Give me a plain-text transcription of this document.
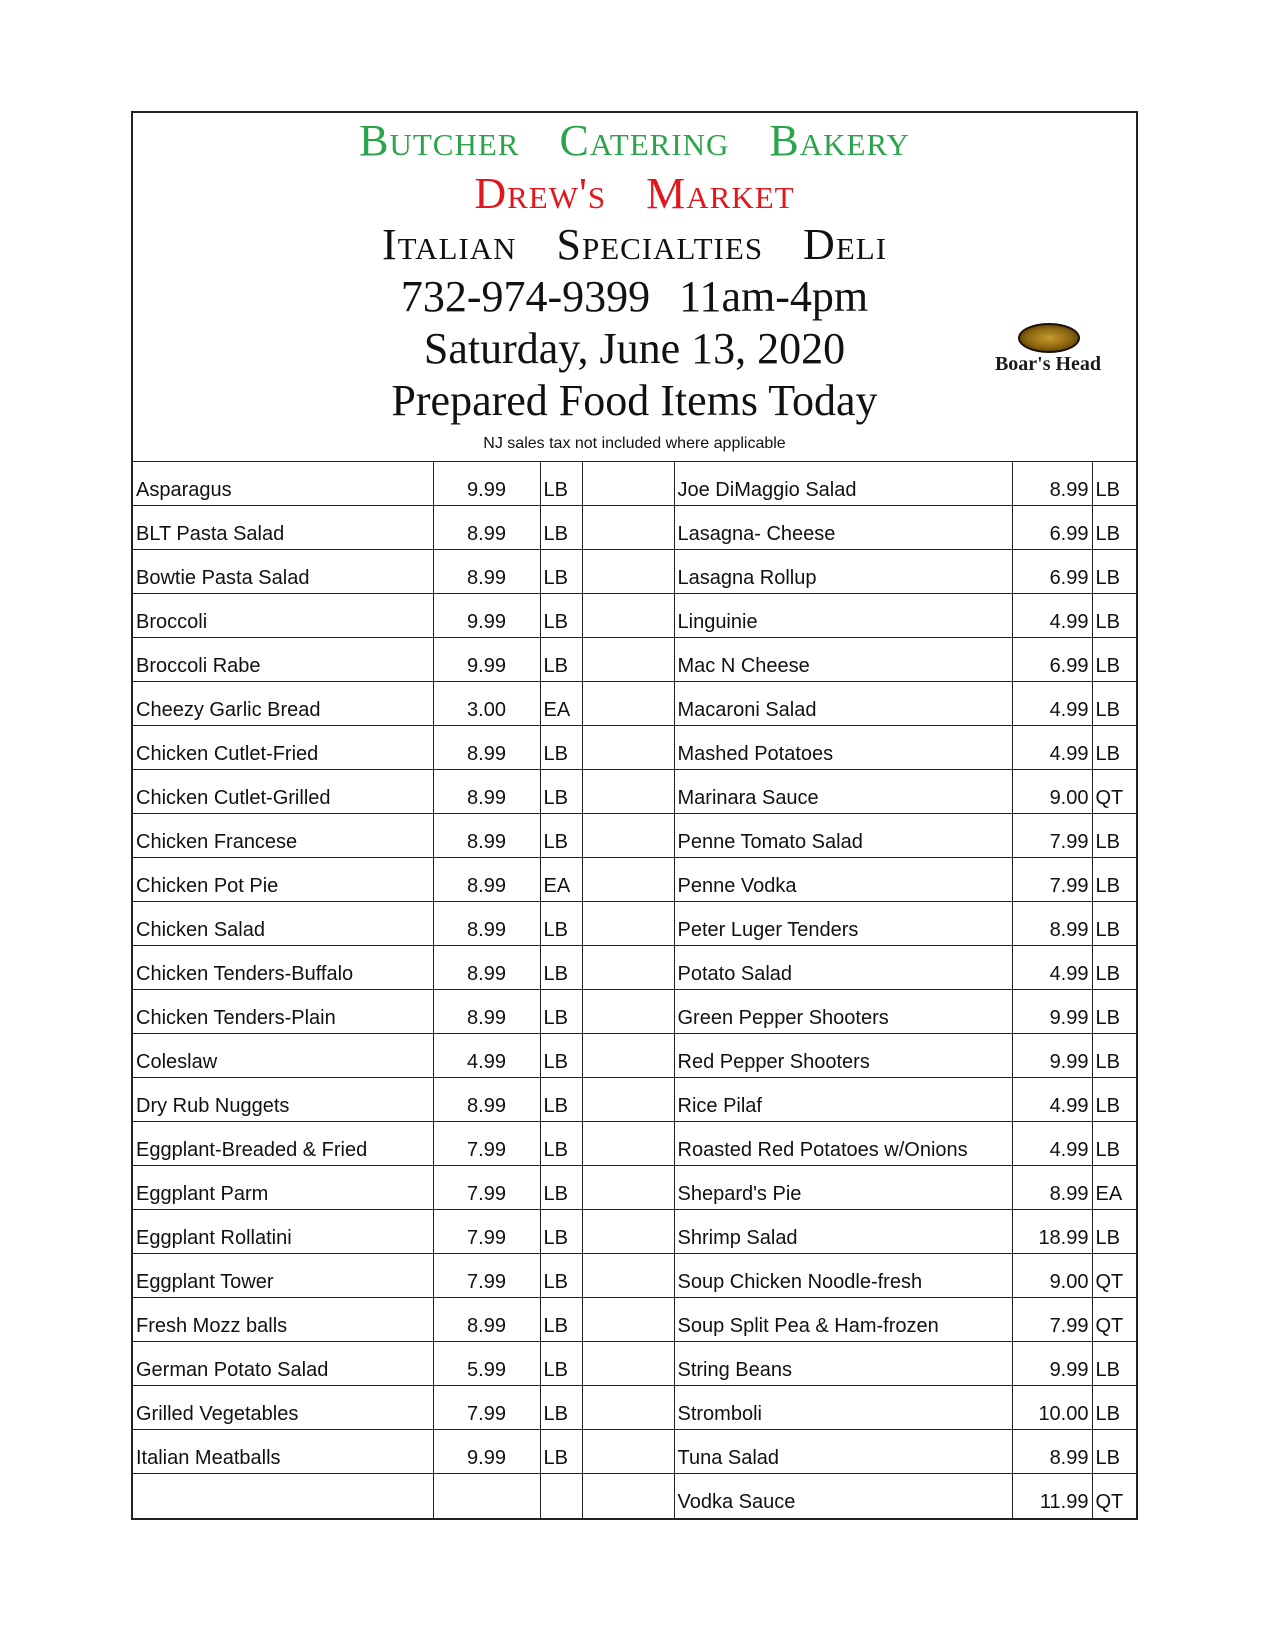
Butcher Catering Bakery
Drew's Market
Italian Specialties Deli
732-974-9399 11am-4pm
Saturday, June 13, 2020
Prepared Food Items Today
NJ sales tax not included where applicable
Boar's Head
Asparagus	9.99	LB		Joe DiMaggio Salad	8.99	LB
BLT Pasta Salad	8.99	LB		Lasagna- Cheese	6.99	LB
Bowtie Pasta Salad	8.99	LB		Lasagna Rollup	6.99	LB
Broccoli	9.99	LB		Linguinie	4.99	LB
Broccoli Rabe	9.99	LB		Mac N Cheese	6.99	LB
Cheezy Garlic Bread	3.00	EA		Macaroni Salad	4.99	LB
Chicken Cutlet-Fried	8.99	LB		Mashed Potatoes	4.99	LB
Chicken Cutlet-Grilled	8.99	LB		Marinara Sauce	9.00	QT
Chicken Francese	8.99	LB		Penne Tomato Salad	7.99	LB
Chicken Pot Pie	8.99	EA		Penne Vodka	7.99	LB
Chicken Salad	8.99	LB		Peter Luger Tenders	8.99	LB
Chicken Tenders-Buffalo	8.99	LB		Potato Salad	4.99	LB
Chicken Tenders-Plain	8.99	LB		Green Pepper Shooters	9.99	LB
Coleslaw	4.99	LB		Red Pepper Shooters	9.99	LB
Dry Rub Nuggets	8.99	LB		Rice Pilaf	4.99	LB
Eggplant-Breaded & Fried	7.99	LB		Roasted Red Potatoes w/Onions	4.99	LB
Eggplant Parm	7.99	LB		Shepard's Pie	8.99	EA
Eggplant Rollatini	7.99	LB		Shrimp Salad	18.99	LB
Eggplant Tower	7.99	LB		Soup Chicken Noodle-fresh	9.00	QT
Fresh Mozz balls	8.99	LB		Soup Split Pea & Ham-frozen	7.99	QT
German Potato Salad	5.99	LB		String Beans	9.99	LB
Grilled Vegetables	7.99	LB		Stromboli	10.00	LB
Italian Meatballs	9.99	LB		Tuna Salad	8.99	LB
				Vodka Sauce	11.99	QT
